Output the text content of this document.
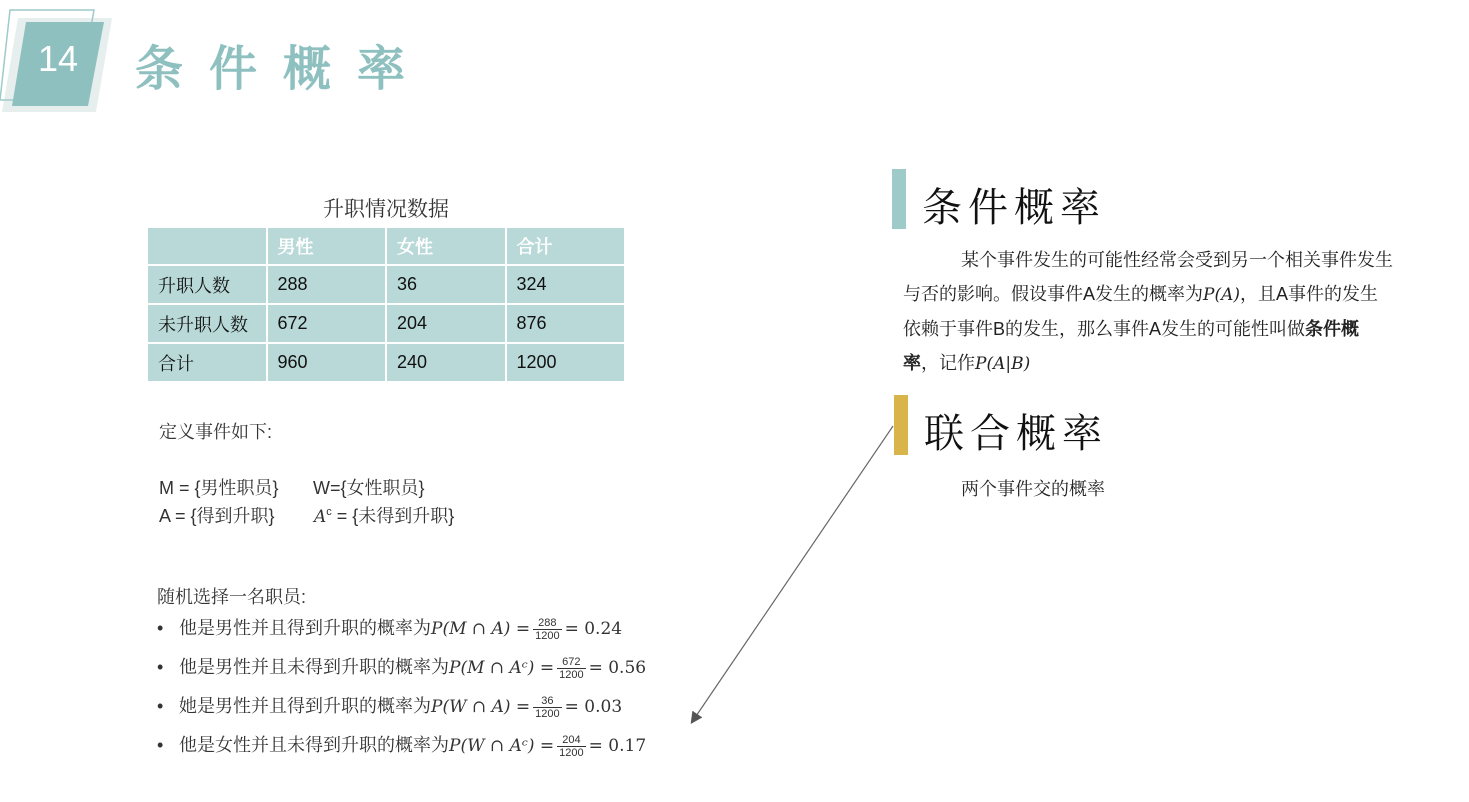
14	条件概率
升职情况数据
	男性	女性	合计
升职人数	288	36	324
未升职人数	672	204	876
合计	960	240	1200
定义事件如下:
M = {男性职员} W={女性职员}
A = {得到升职} $A^c$ = {未得到升职}
随机选择一名职员:
• 他是男性并且得到升职的概率为P(M ∩ $A) = \frac{288}{1200} = 0.24$
• 他是男性并且未得到升职的概率为P(M ∩ Aᶜ) = $\frac{672}{1200} = 0.56$
• 她是男性并且得到升职的概率为P(W ∩ $A) = \frac{36}{1200} = 0.03$
• 他是女性并且未得到升职的概率为P(W ∩ Aᶜ) = $\frac{204}{1200} = 0.17$
条件概率
某个事件发生的可能性经常会受到另一个相关事件发生与否的影响。假设事件A发生的概率为P(A)，且A事件的发生依赖于事件B的发生，那么事件A发生的可能性叫做条件概率，记作P(A|B)
联合概率
两个事件交的概率
